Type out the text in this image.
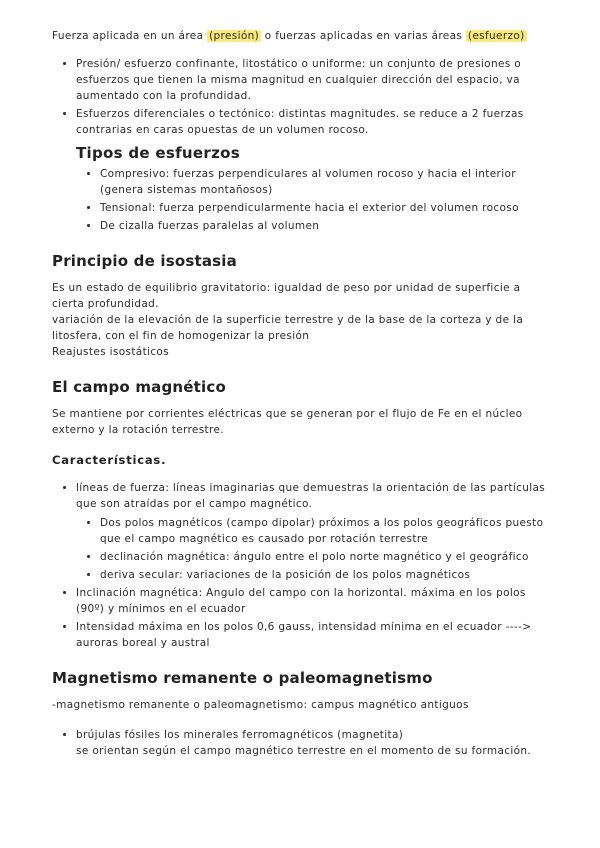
Fuerza aplicada en un área (presión) o fuerzas aplicadas en varias áreas (esfuerzo)

• Presión/ esfuerzo confinante, litostático o uniforme: un conjunto de presiones o esfuerzos que tienen la misma magnitud en cualquier dirección del espacio, va aumentado con la profundidad.
• Esfuerzos diferenciales o tectónico: distintas magnitudes. se reduce a 2 fuerzas contrarias en caras opuestas de un volumen rocoso.
Tipos de esfuerzos
• Compresivo: fuerzas perpendiculares al volumen rocoso y hacia el interior (genera sistemas montañosos)
• Tensional: fuerza perpendicularmente hacia el exterior del volumen rocoso
• De cizalla fuerzas paralelas al volumen
Principio de isostasia

Es un estado de equilibrio gravitatorio: igualdad de peso por unidad de superficie a cierta profundidad.

variación de la elevación de la superficie terrestre y de la base de la corteza y de la litosfera, con el fin de homogenizar la presión

Reajustes isostáticos

El campo magnético

Se mantiene por corrientes eléctricas que se generan por el flujo de Fe en el núcleo externo y la rotación terrestre.

Características.
• líneas de fuerza: líneas imaginarias que demuestras la orientación de las partículas que son atraídas por el campo magnético.
• Dos polos magnéticos (campo dipolar) próximos a los polos geográficos puesto que el campo magnético es causado por rotación terrestre
• declinación magnética: ángulo entre el polo norte magnético y el geográfico
• deriva secular: variaciones de la posición de los polos magnéticos
• Inclinación magnética: Angulo del campo con la horizontal. máxima en los polos (90º) y mínimos en el ecuador
• Intensidad máxima en los polos 0,6 gauss, intensidad mínima en el ecuador ----> auroras boreal y austral
Magnetismo remanente o paleomagnetismo

-magnetismo remanente o paleomagnetismo: campus magnético antiguos

• brújulas fósiles los minerales ferromagnéticos (magnetita)
se orientan según el campo magnético terrestre en el momento de su formación.
